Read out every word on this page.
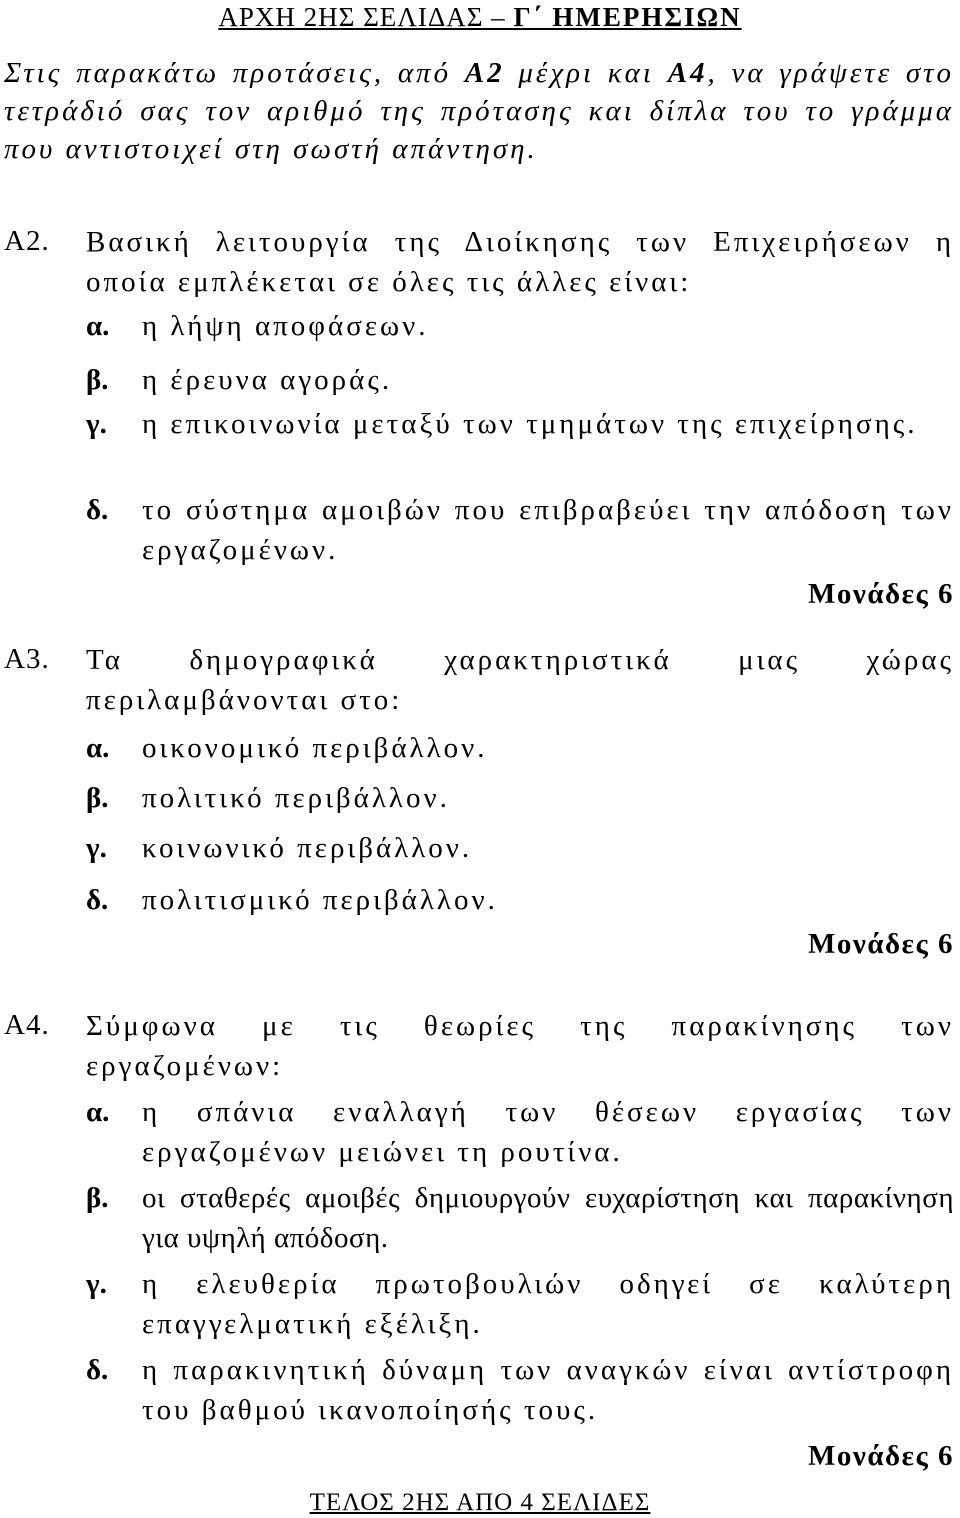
ΑΡΧΗ 2ΗΣ ΣΕΛΙΔΑΣ – Γ΄ ΗΜΕΡΗΣΙΩΝ
Στις παρακάτω προτάσεις, από Α2 μέχρι και Α4, να γράψετε στο τετράδιό σας τον αριθμό της πρότασης και δίπλα του το γράμμα που αντιστοιχεί στη σωστή απάντηση.
Α2. Βασική λειτουργία της Διοίκησης των Επιχειρήσεων η οποία εμπλέκεται σε όλες τις άλλες είναι:
α. η λήψη αποφάσεων.
β. η έρευνα αγοράς.
γ. η επικοινωνία μεταξύ των τμημάτων της επιχείρησης.
δ. το σύστημα αμοιβών που επιβραβεύει την απόδοση των εργαζομένων.
Μονάδες 6
Α3. Τα δημογραφικά χαρακτηριστικά μιας χώρας περιλαμβάνονται στο:
α. οικονομικό περιβάλλον.
β. πολιτικό περιβάλλον.
γ. κοινωνικό περιβάλλον.
δ. πολιτισμικό περιβάλλον.
Μονάδες 6
Α4. Σύμφωνα με τις θεωρίες της παρακίνησης των εργαζομένων:
α. η σπάνια εναλλαγή των θέσεων εργασίας των εργαζομένων μειώνει τη ρουτίνα.
β. οι σταθερές αμοιβές δημιουργούν ευχαρίστηση και παρακίνηση για υψηλή απόδοση.
γ. η ελευθερία πρωτοβουλιών οδηγεί σε καλύτερη επαγγελματική εξέλιξη.
δ. η παρακινητική δύναμη των αναγκών είναι αντίστροφη του βαθμού ικανοποίησής τους.
Μονάδες 6
ΤΕΛΟΣ 2ΗΣ ΑΠΟ 4 ΣΕΛΙΔΕΣ
